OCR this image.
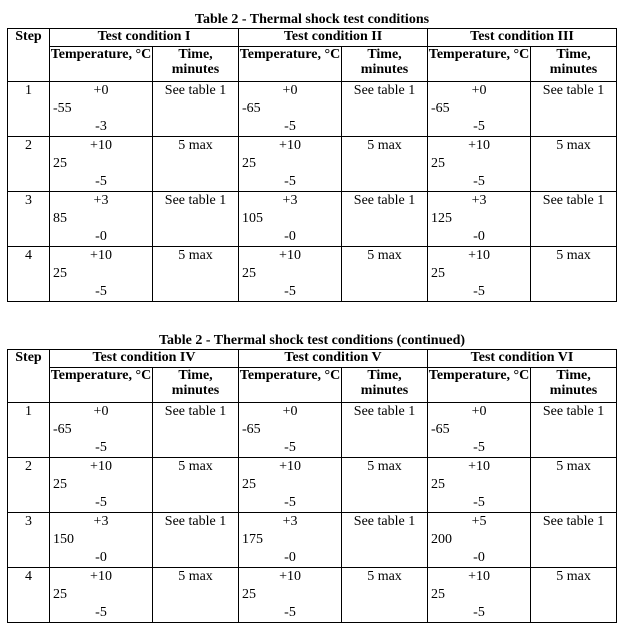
Table 2 - Thermal shock test conditions
Step	Test condition I		Test condition II		Test condition III	
	Temperature, °C	Time, minutes	Temperature, °C	Time, minutes	Temperature, °C	Time, minutes
1	+0
-55
-3	See table 1	+0
-65
-5	See table 1	+0
-65
-5	See table 1
2	+10
25
-5	5 max	+10
25
-5	5 max	+10
25
-5	5 max
3	+3
85
-0	See table 1	+3
105
-0	See table 1	+3
125
-0	See table 1
4	+10
25
-5	5 max	+10
25
-5	5 max	+10
25
-5	5 max
Table 2 - Thermal shock test conditions (continued)
Step	Test condition IV		Test condition V		Test condition VI	
	Temperature, °C	Time, minutes	Temperature, °C	Time, minutes	Temperature, °C	Time, minutes
1	+0
-65
-5	See table 1	+0
-65
-5	See table 1	+0
-65
-5	See table 1
2	+10
25
-5	5 max	+10
25
-5	5 max	+10
25
-5	5 max
3	+3
150
-0	See table 1	+3
175
-0	See table 1	+5
200
-0	See table 1
4	+10
25
-5	5 max	+10
25
-5	5 max	+10
25
-5	5 max
